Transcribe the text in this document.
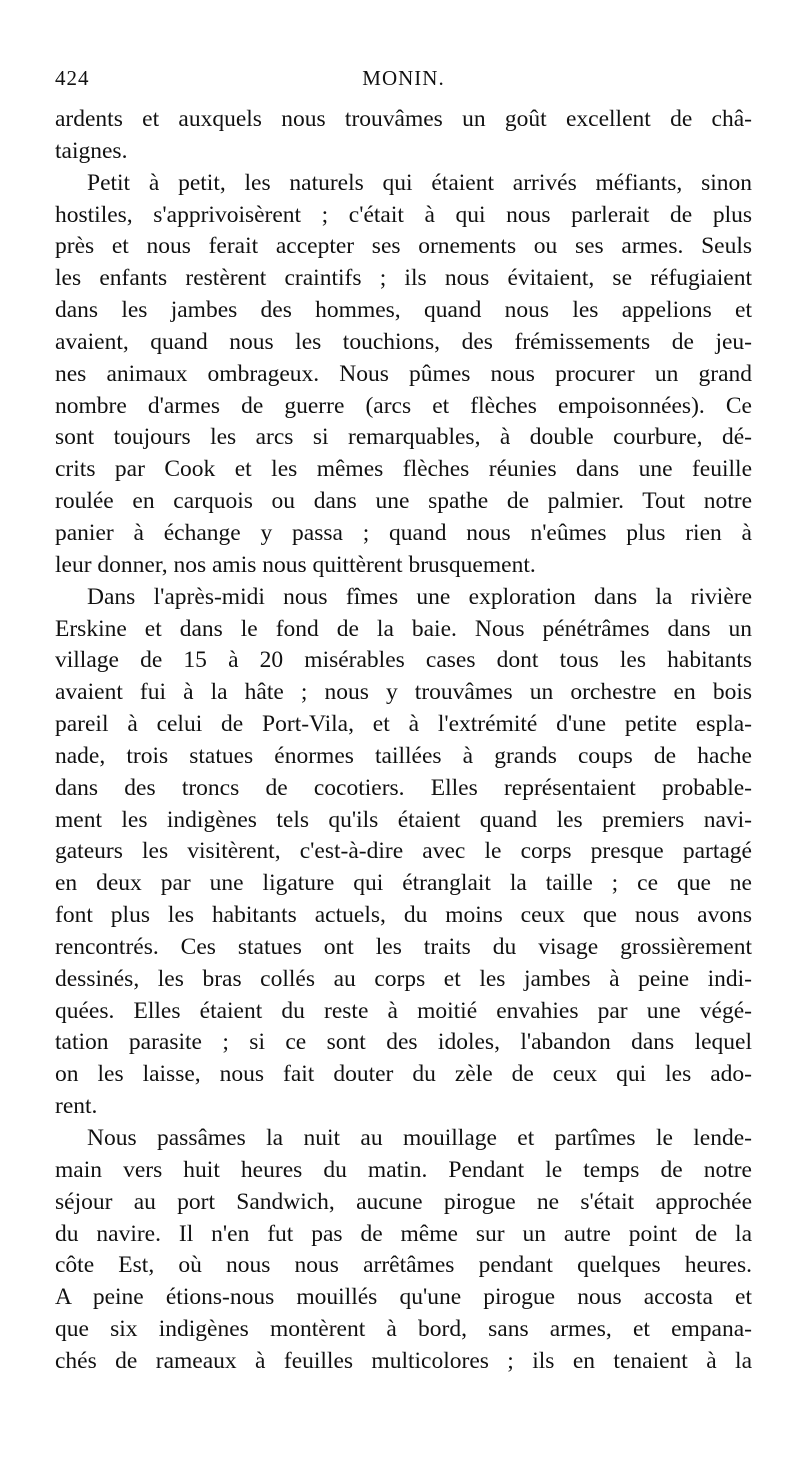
424	MONIN.

ardents et auxquels nous trouvâmes un goût excellent de châ-
taignes.

Petit à petit, les naturels qui étaient arrivés méfiants, sinon
hostiles, s'apprivoisèrent ; c'était à qui nous parlerait de plus
près et nous ferait accepter ses ornements ou ses armes. Seuls
les enfants restèrent craintifs ; ils nous évitaient, se réfugiaient
dans les jambes des hommes, quand nous les appelions et
avaient, quand nous les touchions, des frémissements de jeu-
nes animaux ombrageux. Nous pûmes nous procurer un grand
nombre d'armes de guerre (arcs et flèches empoisonnées). Ce
sont toujours les arcs si remarquables, à double courbure, dé-
crits par Cook et les mêmes flèches réunies dans une feuille
roulée en carquois ou dans une spathe de palmier. Tout notre
panier à échange y passa ; quand nous n'eûmes plus rien à
leur donner, nos amis nous quittèrent brusquement.

Dans l'après-midi nous fîmes une exploration dans la rivière
Erskine et dans le fond de la baie. Nous pénétrâmes dans un
village de 15 à 20 misérables cases dont tous les habitants
avaient fui à la hâte ; nous y trouvâmes un orchestre en bois
pareil à celui de Port-Vila, et à l'extrémité d'une petite espla-
nade, trois statues énormes taillées à grands coups de hache
dans des troncs de cocotiers. Elles représentaient probable-
ment les indigènes tels qu'ils étaient quand les premiers navi-
gateurs les visitèrent, c'est-à-dire avec le corps presque partagé
en deux par une ligature qui étranglait la taille ; ce que ne
font plus les habitants actuels, du moins ceux que nous avons
rencontrés. Ces statues ont les traits du visage grossièrement
dessinés, les bras collés au corps et les jambes à peine indi-
quées. Elles étaient du reste à moitié envahies par une végé-
tation parasite ; si ce sont des idoles, l'abandon dans lequel
on les laisse, nous fait douter du zèle de ceux qui les ado-
rent.

Nous passâmes la nuit au mouillage et partîmes le lende-
main vers huit heures du matin. Pendant le temps de notre
séjour au port Sandwich, aucune pirogue ne s'était approchée
du navire. Il n'en fut pas de même sur un autre point de la
côte Est, où nous nous arrêtâmes pendant quelques heures.
A peine étions-nous mouillés qu'une pirogue nous accosta et
que six indigènes montèrent à bord, sans armes, et empana-
chés de rameaux à feuilles multicolores ; ils en tenaient à la
